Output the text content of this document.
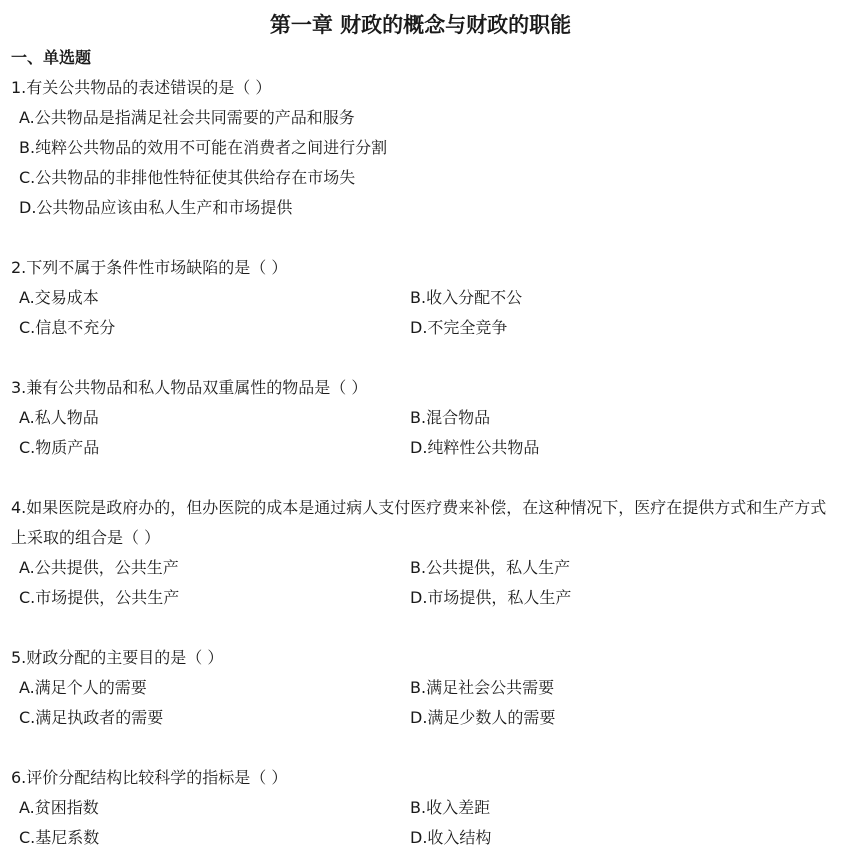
第一章 财政的概念与财政的职能
一、单选题
1.有关公共物品的表述错误的是（ ）
A.公共物品是指满足社会共同需要的产品和服务
B.纯粹公共物品的效用不可能在消费者之间进行分割
C.公共物品的非排他性特征使其供给存在市场失
D.公共物品应该由私人生产和市场提供
2.下列不属于条件性市场缺陷的是（ ）
A.交易成本	B.收入分配不公
C.信息不充分	D.不完全竞争
3.兼有公共物品和私人物品双重属性的物品是（ ）
A.私人物品	B.混合物品
C.物质产品	D.纯粹性公共物品
4.如果医院是政府办的，但办医院的成本是通过病人支付医疗费来补偿，在这种情况下，医疗在提供方式和生产方式上采取的组合是（ ）
A.公共提供，公共生产	B.公共提供，私人生产
C.市场提供，公共生产	D.市场提供，私人生产
5.财政分配的主要目的是（ ）
A.满足个人的需要	B.满足社会公共需要
C.满足执政者的需要	D.满足少数人的需要
6.评价分配结构比较科学的指标是（ ）
A.贫困指数	B.收入差距
C.基尼系数	D.收入结构
